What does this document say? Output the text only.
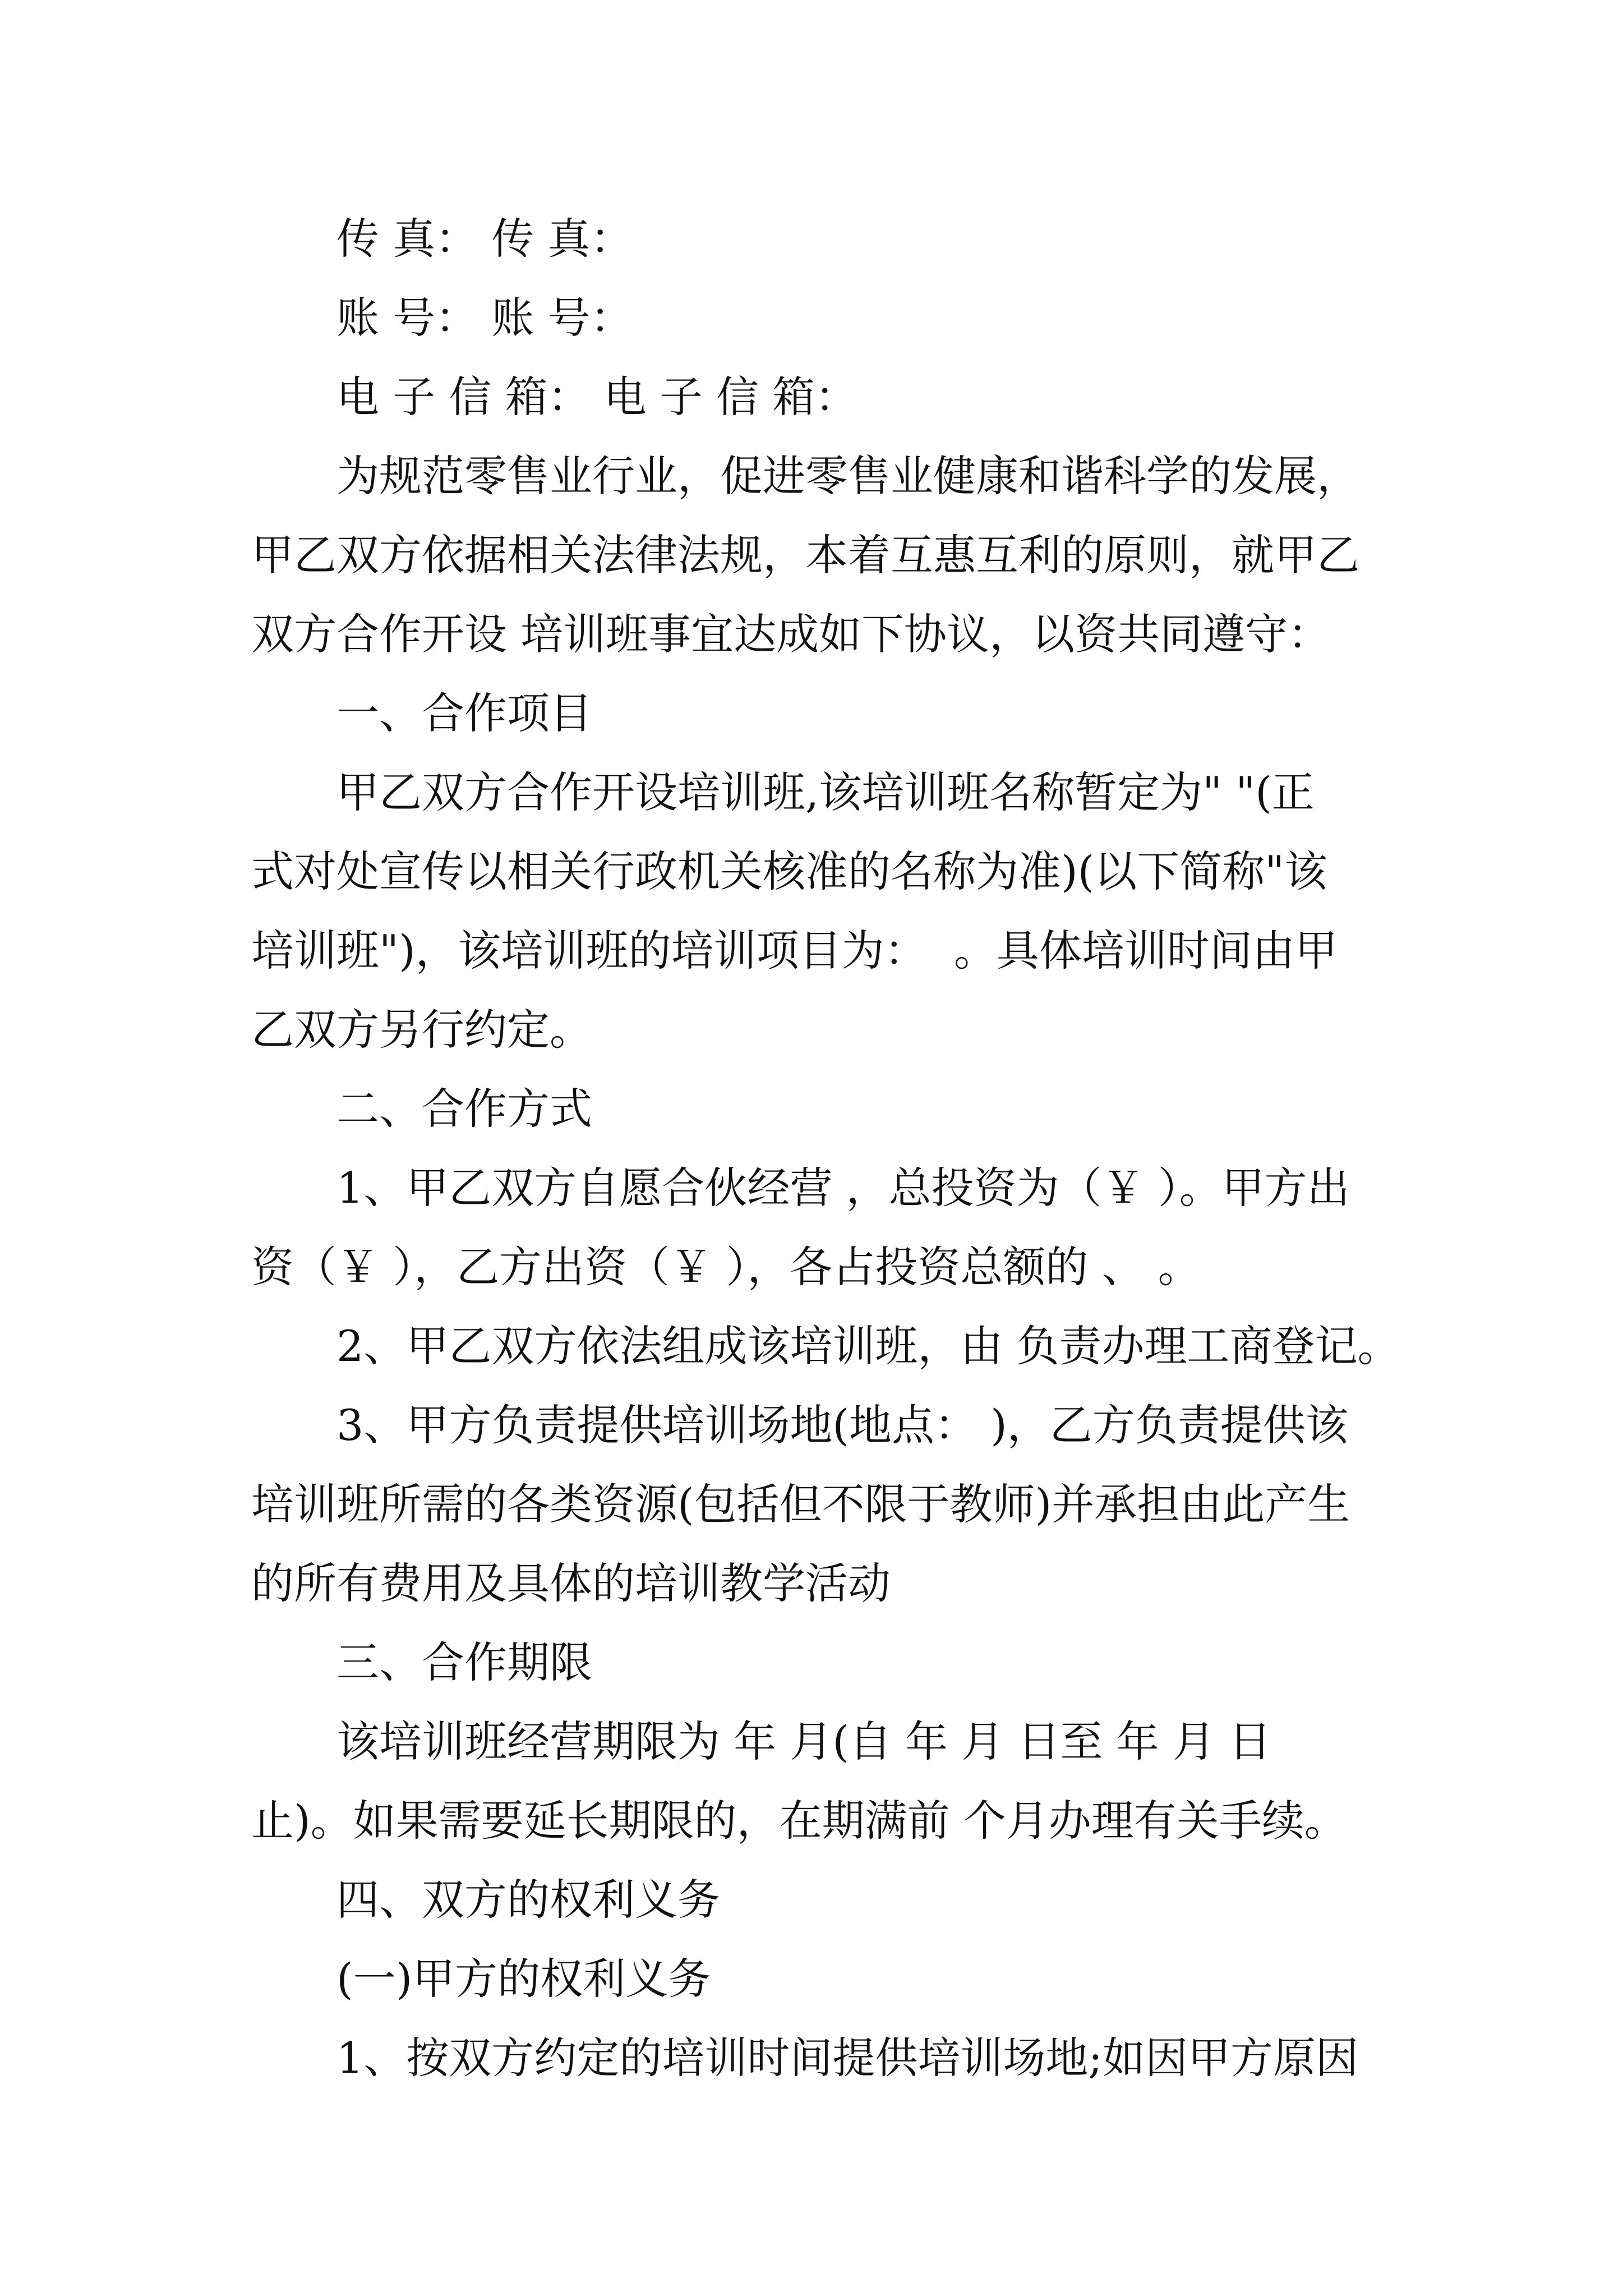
传 真： 传 真：
账 号： 账 号：
电 子 信 箱： 电 子 信 箱：
为规范零售业行业，促进零售业健康和谐科学的发展，
甲乙双方依据相关法律法规，本着互惠互利的原则，就甲乙
双方合作开设 培训班事宜达成如下协议，以资共同遵守：
一、合作项目
甲乙双方合作开设培训班,该培训班名称暂定为" "(正
式对处宣传以相关行政机关核准的名称为准)(以下简称"该
培训班")，该培训班的培训项目为：  。具体培训时间由甲
乙双方另行约定。
二、合作方式
1、甲乙双方自愿合伙经营 ，总投资为（￥ ）。甲方出
资（￥ ），乙方出资（￥ ），各占投资总额的 、 。
2、甲乙双方依法组成该培训班，由 负责办理工商登记。
3、甲方负责提供培训场地(地点： )，乙方负责提供该
培训班所需的各类资源(包括但不限于教师)并承担由此产生
的所有费用及具体的培训教学活动
三、合作期限
该培训班经营期限为 年 月(自 年 月 日至 年 月 日
止)。如果需要延长期限的，在期满前 个月办理有关手续。
四、双方的权利义务
(一)甲方的权利义务
1、按双方约定的培训时间提供培训场地;如因甲方原因
